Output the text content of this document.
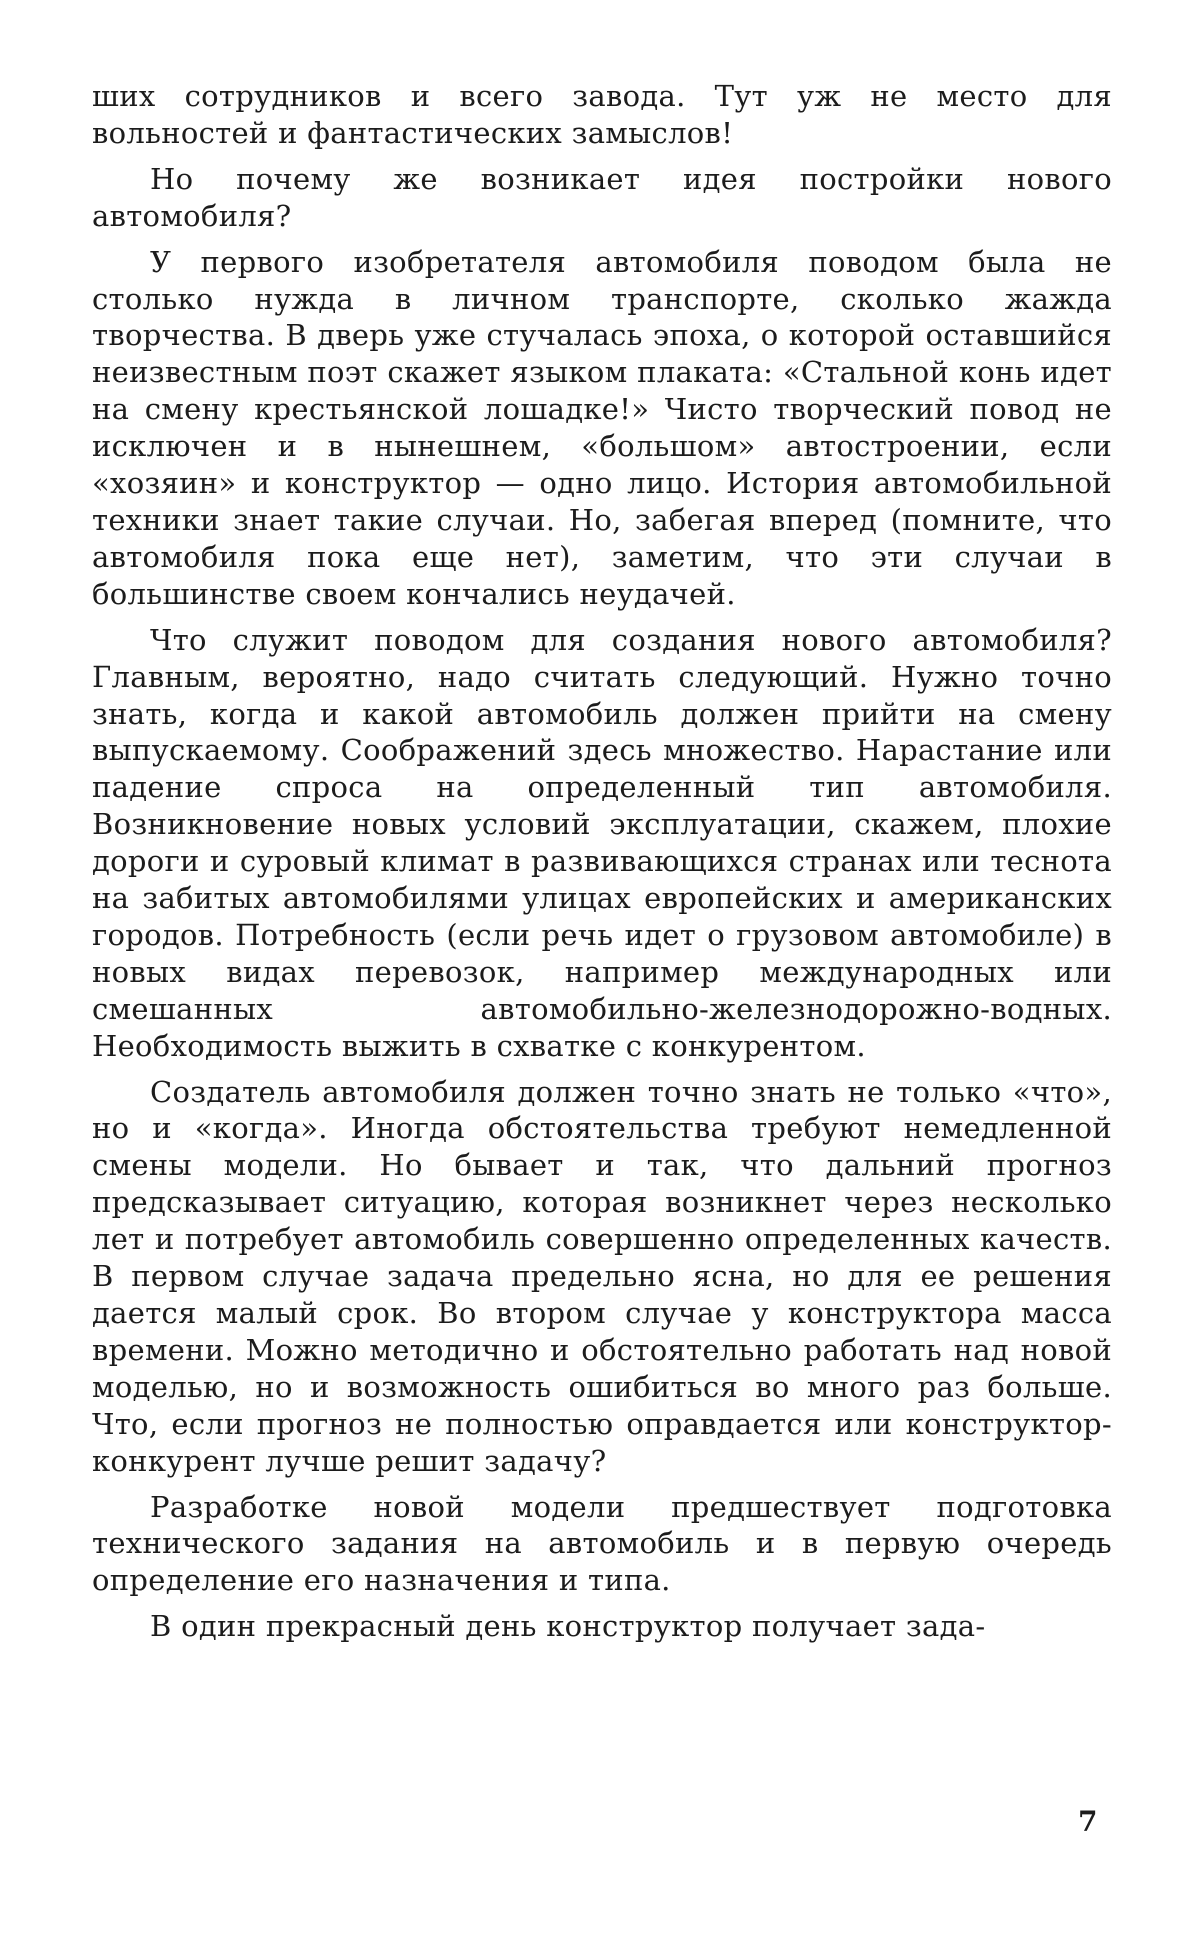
ших сотрудников и всего завода. Тут уж не место для вольностей и фантастических замыслов!

Но почему же возникает идея постройки нового автомобиля?

У первого изобретателя автомобиля поводом была не столько нужда в личном транспорте, сколько жажда творчества. В дверь уже стучалась эпоха, о которой оставшийся неизвестным поэт скажет языком плаката: «Стальной конь идет на смену крестьянской лошадке!» Чисто творческий повод не исключен и в нынешнем, «большом» автостроении, если «хозяин» и конструктор — одно лицо. История автомобильной техники знает такие случаи. Но, забегая вперед (помните, что автомобиля пока еще нет), заметим, что эти случаи в большинстве своем кончались неудачей.

Что служит поводом для создания нового автомобиля? Главным, вероятно, надо считать следующий. Нужно точно знать, когда и какой автомобиль должен прийти на смену выпускаемому. Соображений здесь множество. Нарастание или падение спроса на определенный тип автомобиля. Возникновение новых условий эксплуатации, скажем, плохие дороги и суровый климат в развивающихся странах или теснота на забитых автомобилями улицах европейских и американских городов. Потребность (если речь идет о грузовом автомобиле) в новых видах перевозок, например международных или смешанных автомобильно-железнодорожно-водных. Необходимость выжить в схватке с конкурентом.

Создатель автомобиля должен точно знать не только «что», но и «когда». Иногда обстоятельства требуют немедленной смены модели. Но бывает и так, что дальний прогноз предсказывает ситуацию, которая возникнет через несколько лет и потребует автомобиль совершенно определенных качеств. В первом случае задача предельно ясна, но для ее решения дается малый срок. Во втором случае у конструктора масса времени. Можно методично и обстоятельно работать над новой моделью, но и возможность ошибиться во много раз больше. Что, если прогноз не полностью оправдается или конструктор-конкурент лучше решит задачу?

Разработке новой модели предшествует подготовка технического задания на автомобиль и в первую очередь определение его назначения и типа.

В один прекрасный день конструктор получает зада-

7
